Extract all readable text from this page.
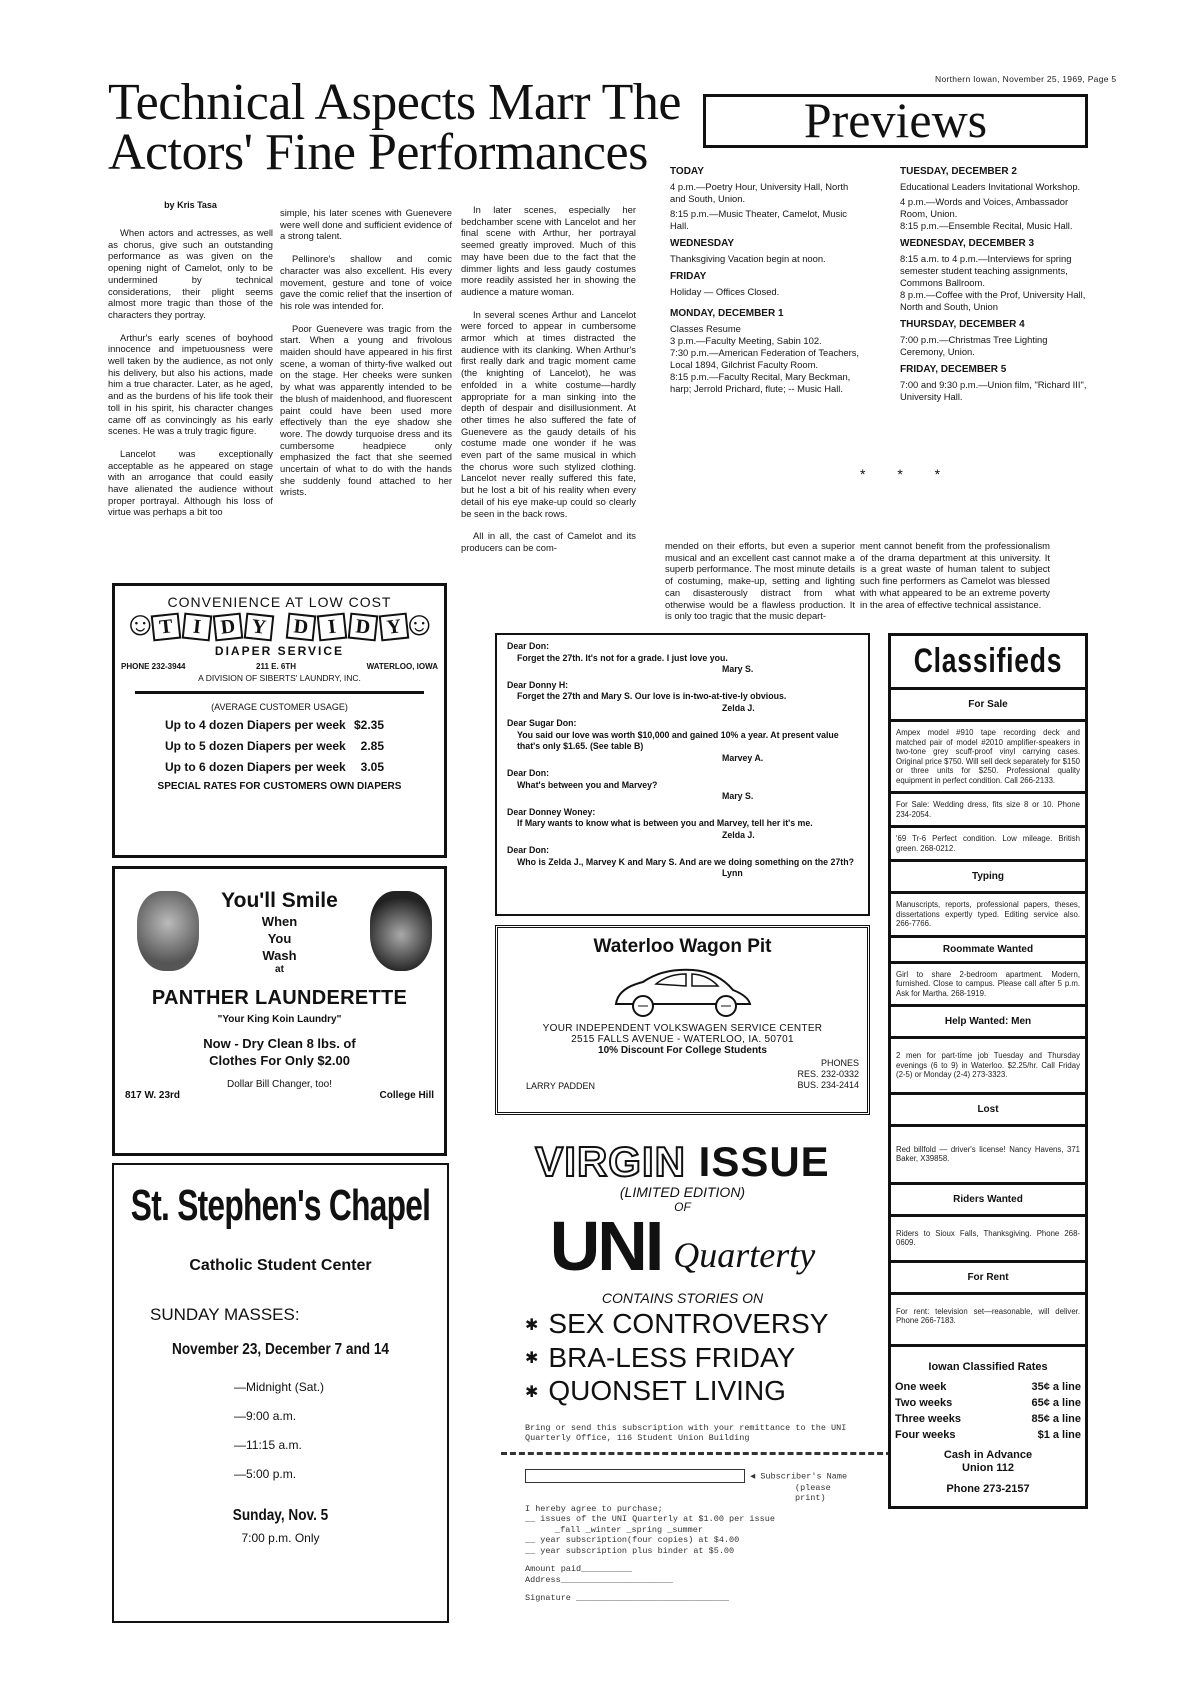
Technical Aspects Marr The
Actors' Fine Performances
Northern Iowan, November 25, 1969, Page 5
Previews
by Kris Tasa

When actors and actresses, as well as chorus, give such an outstanding performance as was given on the opening night of Camelot, only to be undermined by technical considerations, their plight seems almost more tragic than those of the characters they portray.

Arthur's early scenes of boyhood innocence and impetuousness were well taken by the audience, as not only his delivery, but also his actions, made him a true character. Later, as he aged, and as the burdens of his life took their toll in his spirit, his character changes came off as convincingly as his early scenes. He was a truly tragic figure.

Lancelot was exceptionally acceptable as he appeared on stage with an arrogance that could easily have alienated the audience without proper portrayal. Although his loss of virtue was perhaps a bit too

simple, his later scenes with Guenevere were well done and sufficient evidence of a strong talent.

Pellinore's shallow and comic character was also excellent. His every movement, gesture and tone of voice gave the comic relief that the insertion of his role was intended for.

Poor Guenevere was tragic from the start. When a young and frivolous maiden should have appeared in his first scene, a woman of thirty-five walked out on the stage. Her cheeks were sunken by what was apparently intended to be the blush of maidenhood, and fluorescent paint could have been used more effectively than the eye shadow she wore. The dowdy turquoise dress and its cumbersome headpiece only emphasized the fact that she seemed uncertain of what to do with the hands she suddenly found attached to her wrists.

In later scenes, especially her bedchamber scene with Lancelot and her final scene with Arthur, her portrayal seemed greatly improved. Much of this may have been due to the fact that the dimmer lights and less gaudy costumes more readily assisted her in showing the audience a mature woman.

In several scenes Arthur and Lancelot were forced to appear in cumbersome armor which at times distracted the audience with its clanking. When Arthur's first really dark and tragic moment came (the knighting of Lancelot), he was enfolded in a white costume—hardly appropriate for a man sinking into the depth of despair and disillusionment. At other times he also suffered the fate of Guenevere as the gaudy details of his costume made one wonder if he was even part of the same musical in which the chorus wore such stylized clothing. Lancelot never really suffered this fate, but he lost a bit of his reality when every detail of his eye make-up could so clearly be seen in the back rows.

All in all, the cast of Camelot and its producers can be com-	mended on their efforts, but even a superior musical and an excellent cast cannot make a superb performance. The most minute details of costuming, make-up, setting and lighting can disasterously distract from what otherwise would be a flawless production. It is only too tragic that the music depart-

ment cannot benefit from the professionalism of the drama department at this university. It is a great waste of human talent to subject such fine performers as Camelot was blessed with what appeared to be an extreme poverty in the area of effective technical assistance.

TODAY

4 p.m.—Poetry Hour, University Hall, North and South, Union.

8:15 p.m.—Music Theater, Camelot, Music Hall.

WEDNESDAY

Thanksgiving Vacation begin at noon.

FRIDAY

Holiday — Offices Closed.

MONDAY, DECEMBER 1

Classes Resume

3 p.m.—Faculty Meeting, Sabin 102.

7:30 p.m.—American Federation of Teachers, Local 1894, Gilchrist Faculty Room.

8:15 p.m.—Faculty Recital, Mary Beckman, harp; Jerrold Prichard, flute; -- Music Hall.

TUESDAY, DECEMBER 2

Educational Leaders Invitational Workshop.

4 p.m.—Words and Voices, Ambassador Room, Union.

8:15 p.m.—Ensemble Recital, Music Hall.

WEDNESDAY, DECEMBER 3

8:15 a.m. to 4 p.m.—Interviews for spring semester student teaching assignments, Commons Ballroom.

8 p.m.—Coffee with the Prof, University Hall, North and South, Union

THURSDAY, DECEMBER 4

7:00 p.m.—Christmas Tree Lighting Ceremony, Union.

FRIDAY, DECEMBER 5

7:00 and 9:30 p.m.—Union film, "Richard III", University Hall.

* * *
☺	☺
CONVENIENCE AT LOW COST
T I D Y	D I D Y
DIAPER SERVICE
PHONE 232-3944	211 E. 6TH	WATERLOO, IOWA
A DIVISION OF SIBERTS' LAUNDRY, INC.
(AVERAGE CUSTOMER USAGE)
Up to 4 dozen Diapers per week $2.35
Up to 5 dozen Diapers per week 2.85
Up to 6 dozen Diapers per week 3.05
SPECIAL RATES FOR CUSTOMERS OWN DIAPERS
You'll Smile
When
You
Wash
at
PANTHER LAUNDERETTE
"Your King Koin Laundry"
Now - Dry Clean 8 lbs. of
Clothes For Only $2.00
Dollar Bill Changer, too!
817 W. 23rd	College Hill
St. Stephen's Chapel
Catholic Student Center
SUNDAY MASSES:
November 23, December 7 and 14
—Midnight (Sat.)
—9:00 a.m.
—11:15 a.m.
—5:00 p.m.
Sunday, Nov. 5
7:00 p.m. Only
Dear Don:
Forget the 27th. It's not for a grade. I just love you.
Mary S.
Dear Donny H:
Forget the 27th and Mary S. Our love is in-two-at-tive-ly obvious.
Zelda J.
Dear Sugar Don:
You said our love was worth $10,000 and gained 10% a year. At present value that's only $1.65. (See table B)
Marvey A.
Dear Don:
What's between you and Marvey?
Mary S.
Dear Donney Woney:
If Mary wants to know what is between you and Marvey, tell her it's me.
Zelda J.
Dear Don:
Who is Zelda J., Marvey K and Mary S. And are we doing something on the 27th?
Lynn
Waterloo Wagon Pit
YOUR INDEPENDENT VOLKSWAGEN SERVICE CENTER
2515 FALLS AVENUE - WATERLOO, IA. 50701
10% Discount For College Students
LARRY PADDEN
PHONES
RES. 232-0332
BUS. 234-2414
VIRGIN ISSUE
(LIMITED EDITION)
OF
UNI Quarterty
CONTAINS STORIES ON
✱ SEX CONTROVERSY
✱ BRA-LESS FRIDAY
✱ QUONSET LIVING
Bring or send this subscription with your remittance to the UNI Quarterly Office, 116 Student Union Building
◀ Subscriber's Name
(please print)
I hereby agree to purchase;
__ issues of the UNI Quarterly at $1.00 per issue
_fall _winter _spring _summer
__ year subscription(four copies) at $4.00
__ year subscription plus binder at $5.00
Amount paid__________
Address______________________
Signature ______________________________
Classifieds
For Sale
Ampex model #910 tape recording deck and matched pair of model #2010 amplifier-speakers in two-tone grey scuff-proof vinyl carrying cases. Original price $750. Will sell deck separately for $150 or three units for $250. Professional quality equipment in perfect condition. Call 266-2133.
For Sale: Wedding dress, fits size 8 or 10. Phone 234-2054.
'69 Tr-6 Perfect condition. Low mileage. British green. 268-0212.
Typing
Manuscripts, reports, professional papers, theses, dissertations expertly typed. Editing service also. 266-7766.
Roommate Wanted
Girl to share 2-bedroom apartment. Modern, furnished. Close to campus. Please call after 5 p.m. Ask for Martha. 268-1919.
Help Wanted: Men
2 men for part-time job Tuesday and Thursday evenings (6 to 9) in Waterloo. $2.25/hr. Call Friday (2-5) or Monday (2-4) 273-3323.
Lost
Red billfold — driver's license! Nancy Havens, 371 Baker, X39858.
Riders Wanted
Riders to Sioux Falls, Thanksgiving. Phone 268-0609.
For Rent
For rent: television set—reasonable, will deliver. Phone 266-7183.
Iowan Classified Rates
One week	35¢ a line
Two weeks	65¢ a line
Three weeks	85¢ a line
Four weeks	$1 a line
Cash in Advance
Union 112
Phone 273-2157
